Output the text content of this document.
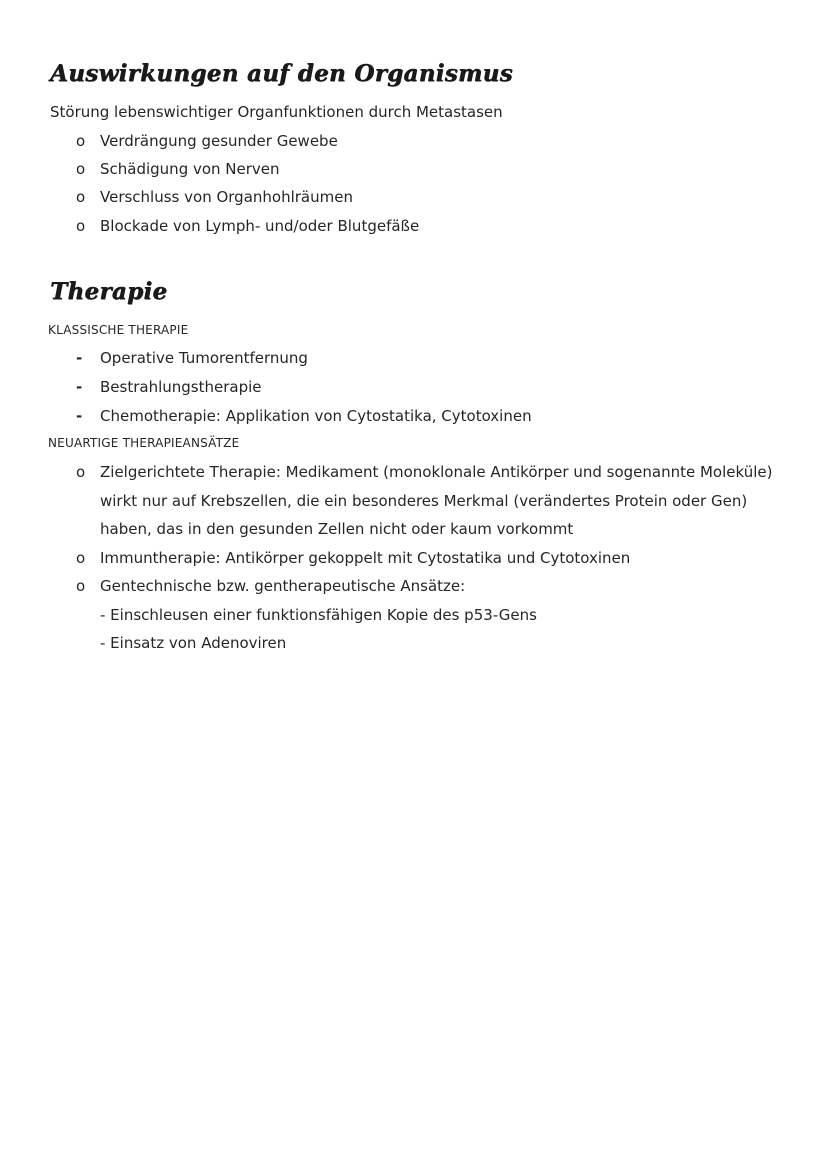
Auswirkungen auf den Organismus
Störung lebenswichtiger Organfunktionen durch Metastasen
o Verdrängung gesunder Gewebe
o Schädigung von Nerven
o Verschluss von Organhohlräumen
o Blockade von Lymph- und/oder Blutgefäße
Therapie
KLASSISCHE THERAPIE
- Operative Tumorentfernung
- Bestrahlungstherapie
- Chemotherapie: Applikation von Cytostatika, Cytotoxinen
NEUARTIGE THERAPIEANSÄTZE
o Zielgerichtete Therapie: Medikament (monoklonale Antikörper und sogenannte Moleküle) wirkt nur auf Krebszellen, die ein besonderes Merkmal (verändertes Protein oder Gen) haben, das in den gesunden Zellen nicht oder kaum vorkommt
o Immuntherapie: Antikörper gekoppelt mit Cytostatika und Cytotoxinen
o Gentechnische bzw. gentherapeutische Ansätze:
- Einschleusen einer funktionsfähigen Kopie des p53-Gens
- Einsatz von Adenoviren
